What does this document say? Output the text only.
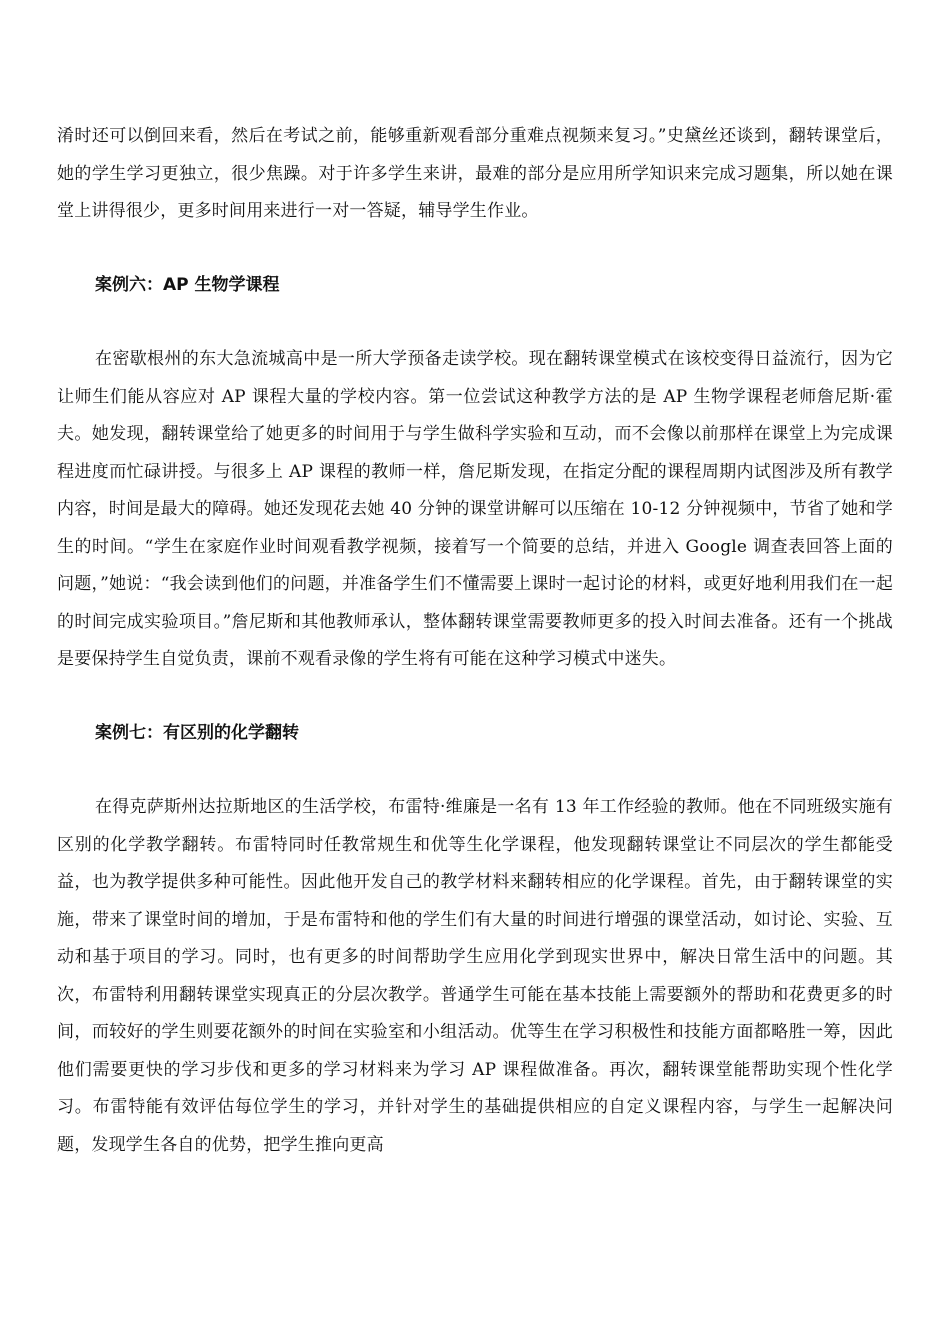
淆时还可以倒回来看，然后在考试之前，能够重新观看部分重难点视频来复习。”史黛丝还谈到，翻转课堂后，她的学生学习更独立，很少焦躁。对于许多学生来讲，最难的部分是应用所学知识来完成习题集，所以她在课堂上讲得很少，更多时间用来进行一对一答疑，辅导学生作业。

案例六：AP 生物学课程

在密歇根州的东大急流城高中是一所大学预备走读学校。现在翻转课堂模式在该校变得日益流行，因为它让师生们能从容应对 AP 课程大量的学校内容。第一位尝试这种教学方法的是 AP 生物学课程老师詹尼斯·霍夫。她发现，翻转课堂给了她更多的时间用于与学生做科学实验和互动，而不会像以前那样在课堂上为完成课程进度而忙碌讲授。与很多上 AP 课程的教师一样，詹尼斯发现，在指定分配的课程周期内试图涉及所有教学内容，时间是最大的障碍。她还发现花去她 40 分钟的课堂讲解可以压缩在 10-12 分钟视频中，节省了她和学生的时间。“学生在家庭作业时间观看教学视频，接着写一个简要的总结，并进入 Google 调查表回答上面的问题，”她说：“我会读到他们的问题，并准备学生们不懂需要上课时一起讨论的材料，或更好地利用我们在一起的时间完成实验项目。”詹尼斯和其他教师承认，整体翻转课堂需要教师更多的投入时间去准备。还有一个挑战是要保持学生自觉负责，课前不观看录像的学生将有可能在这种学习模式中迷失。

案例七：有区别的化学翻转

在得克萨斯州达拉斯地区的生活学校，布雷特·维廉是一名有 13 年工作经验的教师。他在不同班级实施有区别的化学教学翻转。布雷特同时任教常规生和优等生化学课程，他发现翻转课堂让不同层次的学生都能受益，也为教学提供多种可能性。因此他开发自己的教学材料来翻转相应的化学课程。首先，由于翻转课堂的实施，带来了课堂时间的增加，于是布雷特和他的学生们有大量的时间进行增强的课堂活动，如讨论、实验、互动和基于项目的学习。同时，也有更多的时间帮助学生应用化学到现实世界中，解决日常生活中的问题。其次，布雷特利用翻转课堂实现真正的分层次教学。普通学生可能在基本技能上需要额外的帮助和花费更多的时间，而较好的学生则要花额外的时间在实验室和小组活动。优等生在学习积极性和技能方面都略胜一筹，因此他们需要更快的学习步伐和更多的学习材料来为学习 AP 课程做准备。再次，翻转课堂能帮助实现个性化学习。布雷特能有效评估每位学生的学习，并针对学生的基础提供相应的自定义课程内容，与学生一起解决问题，发现学生各自的优势，把学生推向更高
